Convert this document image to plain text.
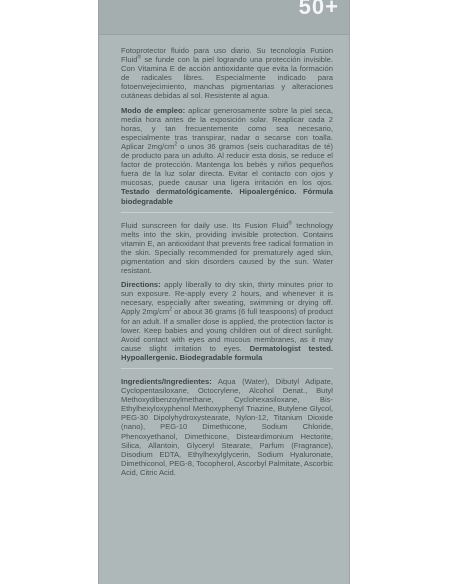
50+

Fotoprotector fluido para uso diario. Su tecnología Fusion Fluid® se funde con la piel logrando una protección invisible. Con Vitamina E de acción antioxidante que evita la formación de radicales libres. Especialmente indicado para fotoenvejecimiento, manchas pigmentarias y alteraciones cutáneas debidas al sol. Resistente al agua.

Modo de empleo: aplicar generosamente sobre la piel seca, media hora antes de la exposición solar. Reaplicar cada 2 horas, y tan frecuentemente como sea necesario, especialmente tras transpirar, nadar o secarse con toalla. Aplicar $2mg/cm^2$ o unos 36 gramos (seis cucharaditas de té) de producto para un adulto. Al reducir esta dosis, se reduce el factor de protección. Mantenga los bebés y niños pequeños fuera de la luz solar directa. Evitar el contacto con ojos y mucosas, puede causar una ligera irritación en los ojos. Testado dermatológicamente. Hipoalergénico. Fórmula biodegradable

Fluid sunscreen for daily use. Its Fusion Fluid® technology melts into the skin, providing invisible protection. Contains vitamin E, an antioxidant that prevents free radical formation in the skin. Specially recommended for prematurely aged skin, pigmentation and skin disorders caused by the sun. Water resistant.

Directions: apply liberally to dry skin, thirty minutes prior to sun exposure. Re-apply every 2 hours, and whenever it is necesary, especially after sweating, swimming or drying off. Apply $2mg/cm^2$ or about 36 grams (6 full teaspoons) of product for an adult. If a smaller dose is applied, the protection factor is lower. Keep babies and young children out of direct sunlight. Avoid contact with eyes and mucous membranes, as it may cause slight irritation to eyes. Dermatologist tested. Hypoallergenic. Biodegradable formula

Ingredients/Ingredientes: Aqua (Water), Dibutyl Adipate, Cyclopentasiloxane, Octocrylene, Alcohol Denat., Butyl Methoxydibenzoylmethane, Cyclohexasiloxane, Bis-Ethylhexyloxyphenol Methoxyphenyl Triazine, Butylene Glycol, PEG-30 Dipolyhydroxystearate, Nylon-12, Titanium Dioxide (nano), PEG-10 Dimethicone, Sodium Chloride, Phenoxyethanol, Dimethicone, Disteardimonium Hectorite, Silica, Allantoin, Glyceryl Stearate, Parfum (Fragrance), Disodium EDTA, Ethylhexylglycerin, Sodium Hyaluronate, Dimethiconol, PEG-8, Tocopherol, Ascorbyl Palmitate, Ascorbic Acid, Citric Acid.
